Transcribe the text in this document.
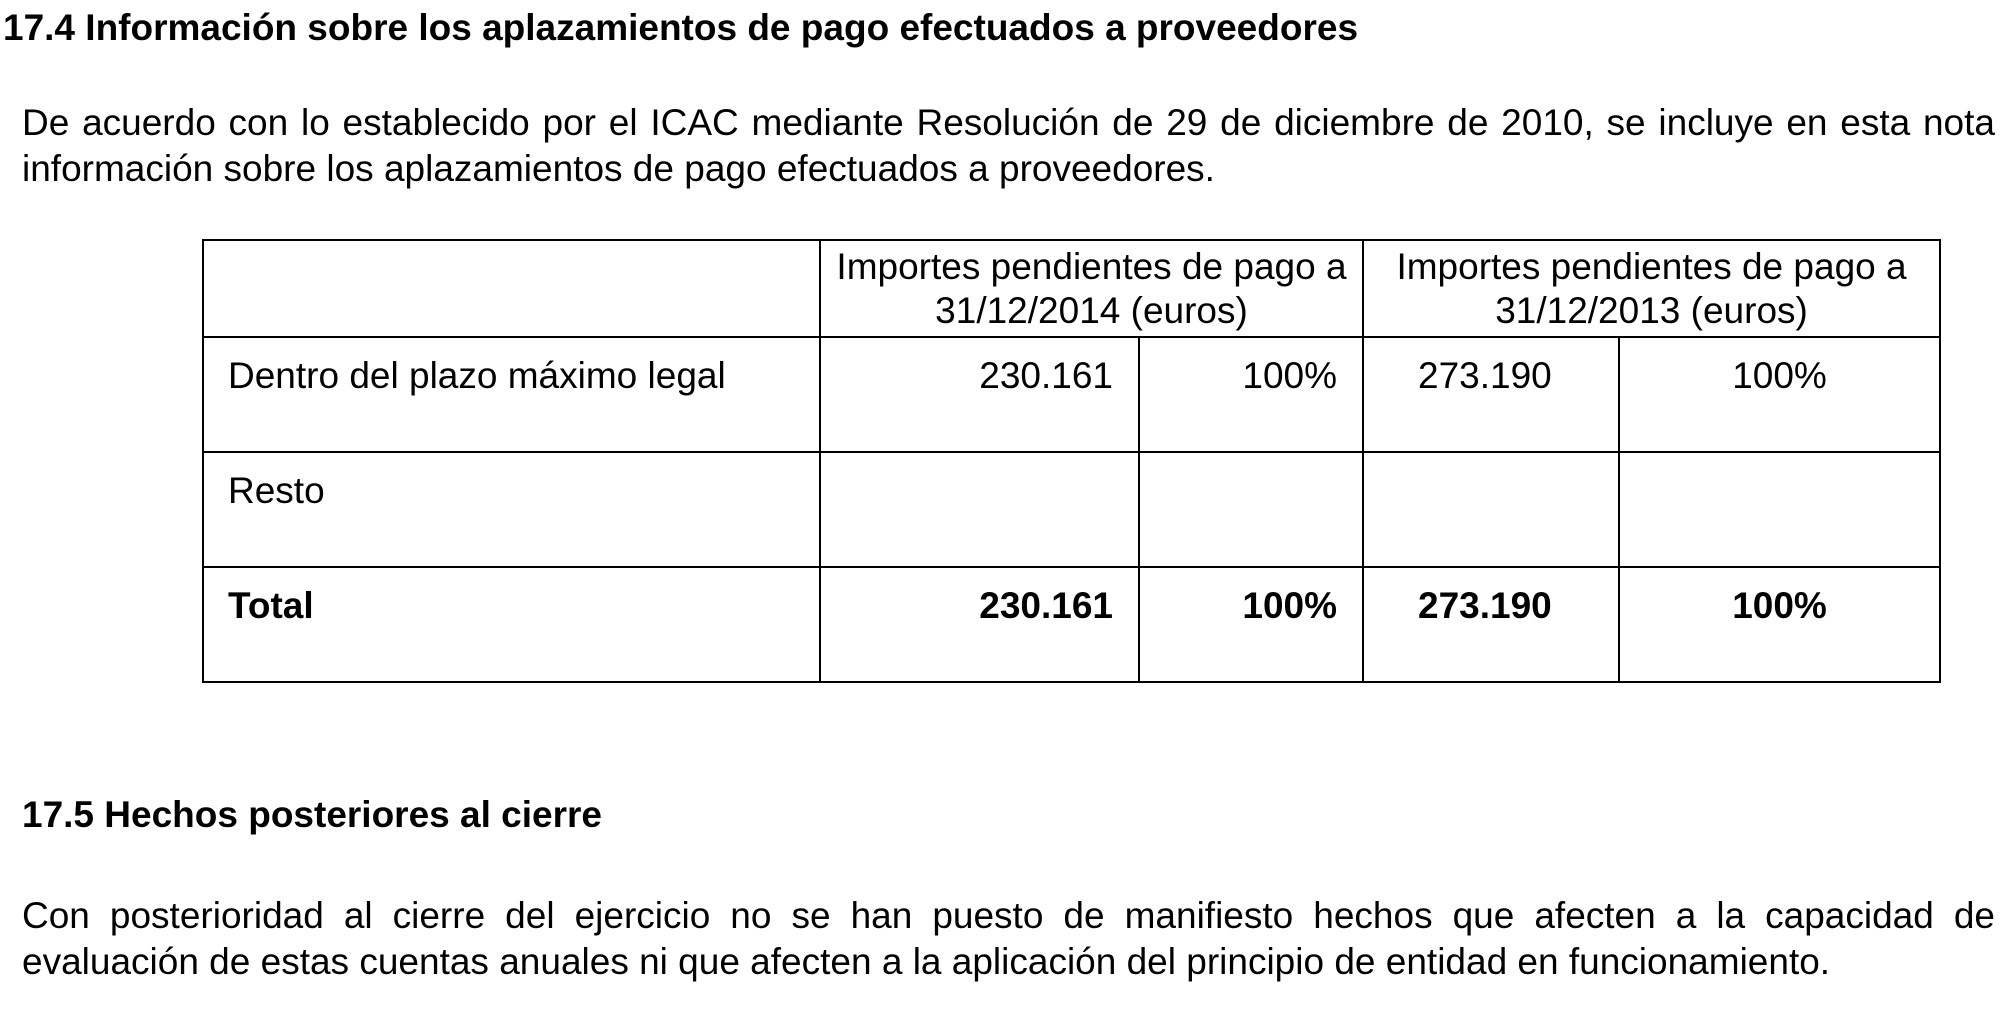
17.4 Información sobre los aplazamientos de pago efectuados a proveedores

De acuerdo con lo establecido por el ICAC mediante Resolución de 29 de diciembre de 2010, se incluye en esta nota información sobre los aplazamientos de pago efectuados a proveedores.

	Importes pendientes de pago a 31/12/2014 (euros)		Importes pendientes de pago a 31/12/2013 (euros)	
Dentro del plazo máximo legal	230.161	100%	273.190	100%
Resto				
Total	230.161	100%	273.190	100%
17.5 Hechos posteriores al cierre

Con posterioridad al cierre del ejercicio no se han puesto de manifiesto hechos que afecten a la capacidad de evaluación de estas cuentas anuales ni que afecten a la aplicación del principio de entidad en funcionamiento.
